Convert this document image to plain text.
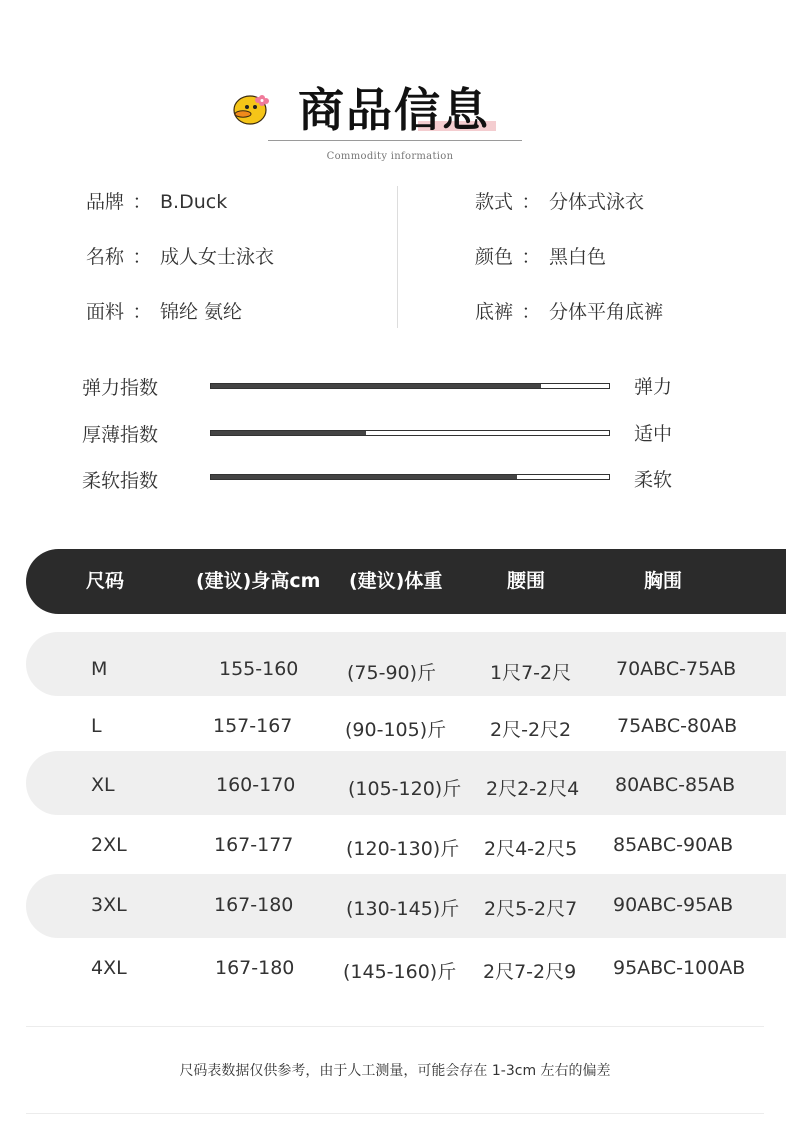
商品信息
Commodity information
品牌 ： B.Duck
名称 ： 成人女士泳衣
面料 ： 锦纶 氨纶
款式 ： 分体式泳衣
颜色 ： 黑白色
底裤 ： 分体平角底裤
弹力指数	弹力
厚薄指数	适中
柔软指数	柔软
尺码	(建议)身高cm (建议)体重	腰围	胸围
M	155-160	(75-90)斤	1尺7-2尺 70ABC-75AB
L	157-167	(90-105)斤 2尺-2尺2 75ABC-80AB
XL	160-170	(105-120)斤 2尺2-2尺4 80ABC-85AB
2XL	167-177	(120-130)斤 2尺4-2尺5 85ABC-90AB
3XL	167-180	(130-145)斤 2尺5-2尺7 90ABC-95AB
4XL	167-180	(145-160)斤 2尺7-2尺9 95ABC-100AB
尺码表数据仅供参考，由于人工测量，可能会存在 1-3cm 左右的偏差
